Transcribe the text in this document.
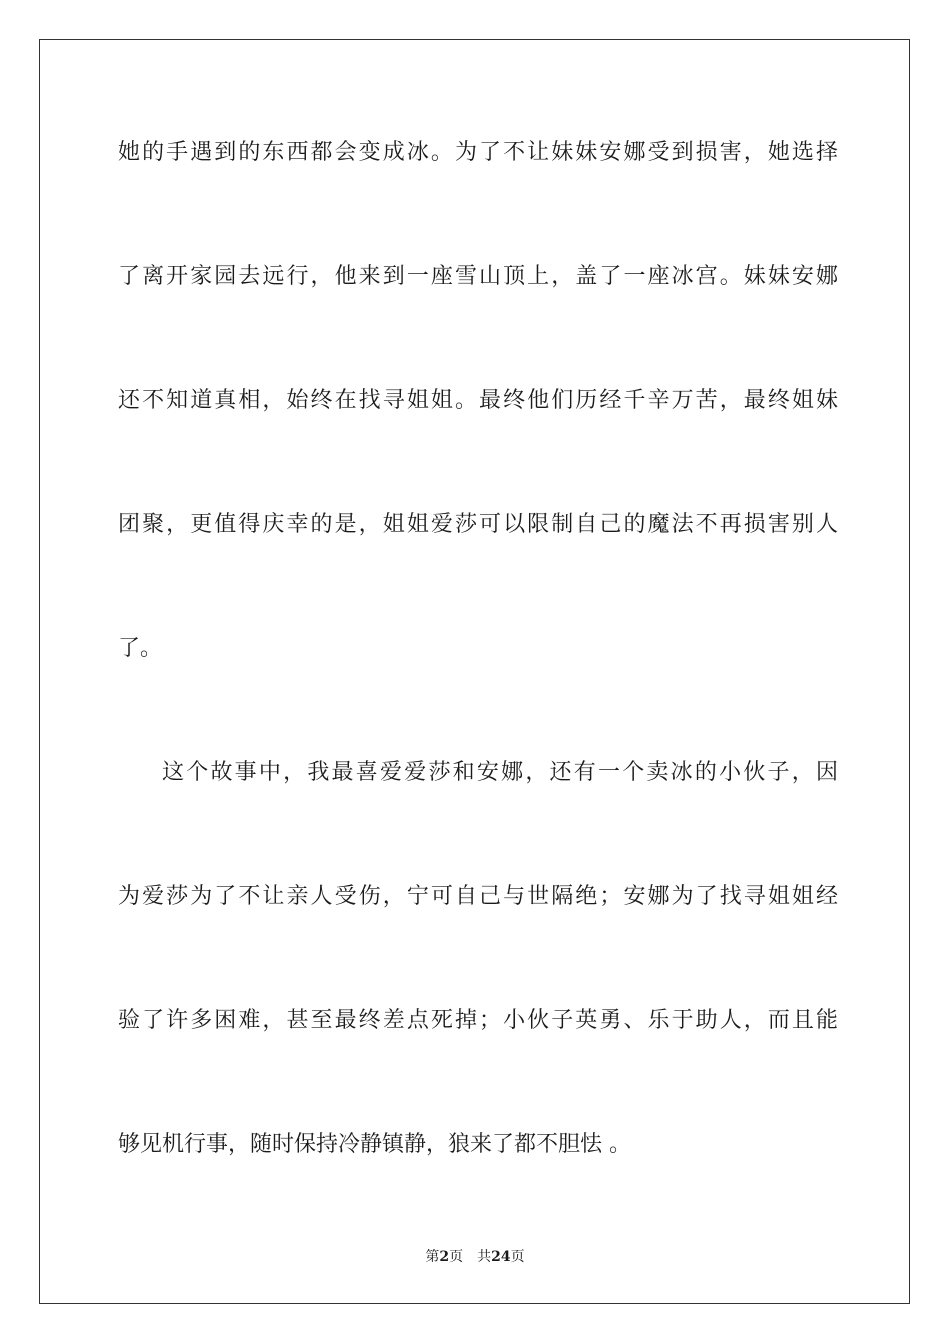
她的手遇到的东西都会变成冰。为了不让妹妹安娜受到损害，她选择
了离开家园去远行，他来到一座雪山顶上，盖了一座冰宫。妹妹安娜
还不知道真相，始终在找寻姐姐。最终他们历经千辛万苦，最终姐妹
团聚，更值得庆幸的是，姐姐爱莎可以限制自己的魔法不再损害别人
了。
这个故事中，我最喜爱爱莎和安娜，还有一个卖冰的小伙子，因
为爱莎为了不让亲人受伤，宁可自己与世隔绝；安娜为了找寻姐姐经
验了许多困难，甚至最终差点死掉；小伙子英勇、乐于助人，而且能
够见机行事，随时保持冷静镇静，狼来了都不胆怯 。
第2页 共24页
